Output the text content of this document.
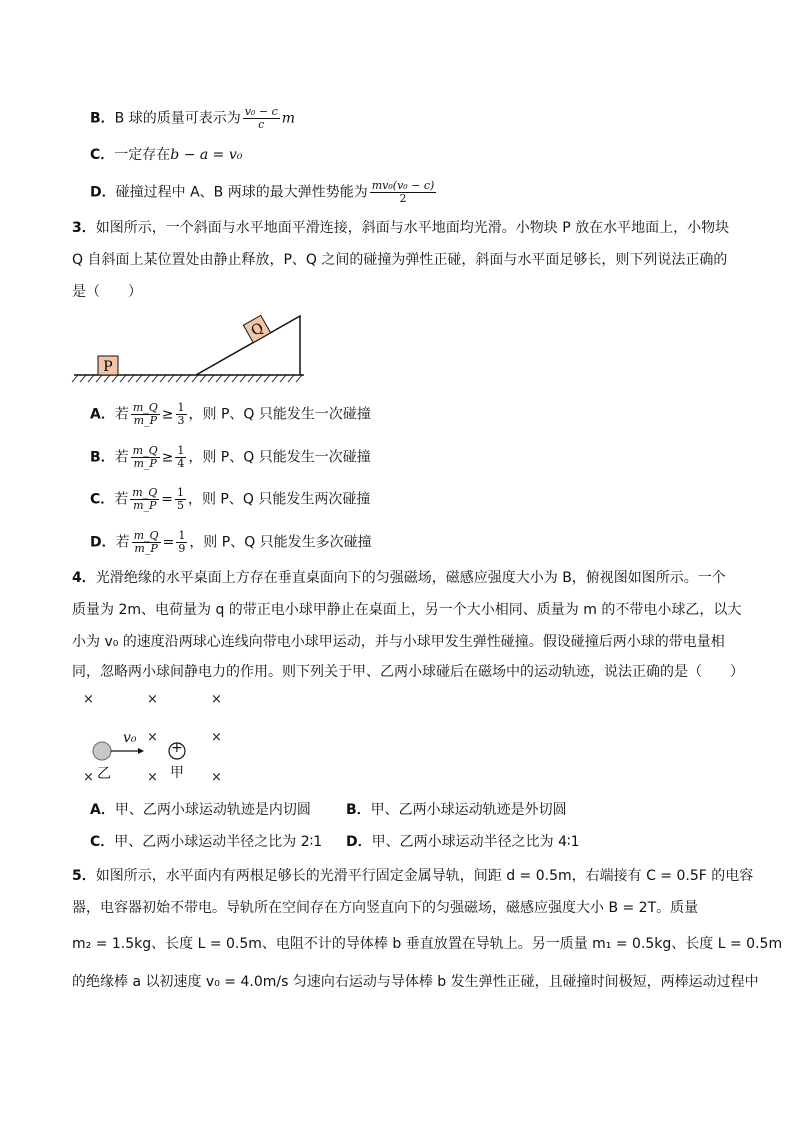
B．B 球的质量可表示为 $\frac{\text{v₀ − c}}{c}$ m
C．一定存在b − a = v₀
D．碰撞过程中 A、B 两球的最大弹性势能为 $\frac{\text{mv₀(v₀ − c)}}{2}$
3．如图所示，一个斜面与水平地面平滑连接，斜面与水平地面均光滑。小物块 P 放在水平地面上，小物块
Q 自斜面上某位置处由静止释放，P、Q 之间的碰撞为弹性正碰，斜面与水平面足够长，则下列说法正确的
是（　　）
P
Q
A．若 $\frac{m\_Q}{m\_P} \ge \frac{1}{3}$ ，则 P、Q 只能发生一次碰撞
B．若 $\frac{m\_Q}{m\_P} \ge \frac{1}{4}$ ，则 P、Q 只能发生一次碰撞
C．若 $\frac{m\_Q}{m\_P} = \frac{1}{5}$ ，则 P、Q 只能发生两次碰撞
D．若 $\frac{m\_Q}{m\_P} = \frac{1}{9}$ ，则 P、Q 只能发生多次碰撞
4．光滑绝缘的水平桌面上方存在垂直桌面向下的匀强磁场，磁感应强度大小为 B，俯视图如图所示。一个
质量为 2m、电荷量为 q 的带正电小球甲静止在桌面上，另一个大小相同、质量为 m 的不带电小球乙，以大
小为 v₀ 的速度沿两球心连线向带电小球甲运动，并与小球甲发生弹性碰撞。假设碰撞后两小球的带电量相
同，忽略两小球间静电力的作用。则下列关于甲、乙两小球碰后在磁场中的运动轨迹，说法正确的是（　　）
×	×	×
×	×
×	×	×
v₀
+
乙	甲
A．甲、乙两小球运动轨迹是内切圆	B．甲、乙两小球运动轨迹是外切圆
C．甲、乙两小球运动半径之比为 2∶1 D．甲、乙两小球运动半径之比为 4∶1
5．如图所示，水平面内有两根足够长的光滑平行固定金属导轨，间距 d = 0.5m，右端接有 C = 0.5F 的电容
器，电容器初始不带电。导轨所在空间存在方向竖直向下的匀强磁场，磁感应强度大小 B = 2T。质量
m₂ = 1.5kg、长度 L = 0.5m、电阻不计的导体棒 b 垂直放置在导轨上。另一质量 m₁ = 0.5kg、长度 L = 0.5m
的绝缘棒 a 以初速度 v₀ = 4.0m/s 匀速向右运动与导体棒 b 发生弹性正碰，且碰撞时间极短，两棒运动过程中
